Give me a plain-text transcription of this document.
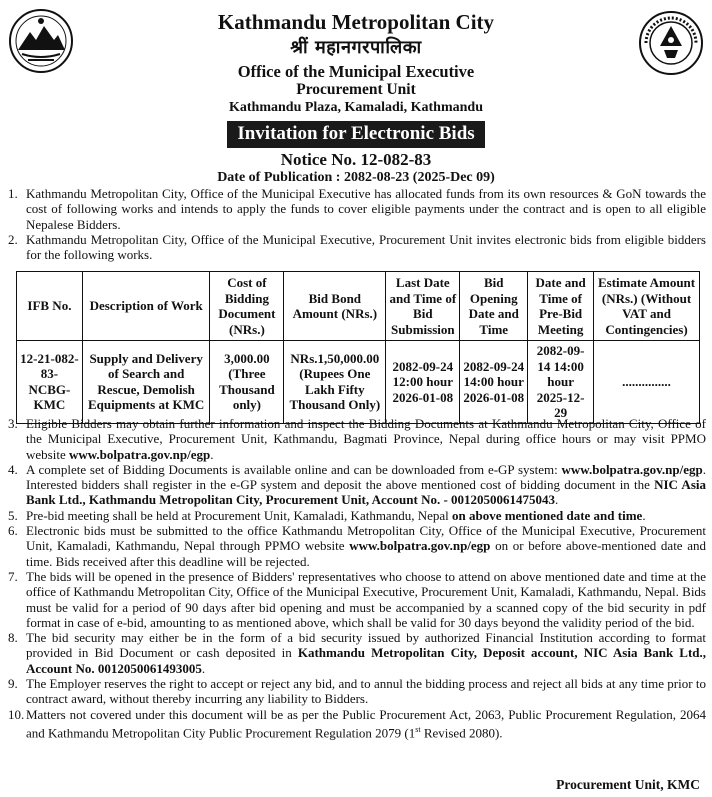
Kathmandu Metropolitan City
श्रीं महानगरपालिका
Office of the Municipal Executive
Procurement Unit
Kathmandu Plaza, Kamaladi, Kathmandu
Invitation for Electronic Bids
Notice No. 12-082-83
Date of Publication : 2082-08-23 (2025-Dec 09)

1. Kathmandu Metropolitan City, Office of the Municipal Executive has allocated funds from its own resources & GoN towards the cost of following works and intends to apply the funds to cover eligible payments under the contract and is open to all eligible Nepalese Bidders.

2. Kathmandu Metropolitan City, Office of the Municipal Executive, Procurement Unit invites electronic bids from eligible bidders for the following works.

IFB No.	Description of Work	Cost of Bidding Document (NRs.)	Bid Bond Amount (NRs.)	Last Date and Time of Bid Submission	Bid Opening Date and Time	Date and Time of Pre-Bid Meeting	Estimate Amount (NRs.) (Without VAT and Contingencies)
12-21-082-83-NCBG-KMC	Supply and Delivery of Search and Rescue, Demolish Equipments at KMC	3,000.00 (Three Thousand only)	NRs.1,50,000.00 (Rupees One Lakh Fifty Thousand Only)	2082-09-24 12:00 hour 2026-01-08	2082-09-24 14:00 hour 2026-01-08	2082-09-14 14:00 hour 2025-12-29	...............

3. Eligible Bidders may obtain further information and inspect the Bidding Documents at Kathmandu Metropolitan City, Office of the Municipal Executive, Procurement Unit, Kathmandu, Bagmati Province, Nepal during office hours or may visit PPMO website www.bolpatra.gov.np/egp.

4. A complete set of Bidding Documents is available online and can be downloaded from e-GP system: www.bolpatra.gov.np/egp. Interested bidders shall register in the e-GP system and deposit the above mentioned cost of bidding document in the NIC Asia Bank Ltd., Kathmandu Metropolitan City, Procurement Unit, Account No. - 0012050061475043.

5. Pre-bid meeting shall be held at Procurement Unit, Kamaladi, Kathmandu, Nepal on above mentioned date and time.

6. Electronic bids must be submitted to the office Kathmandu Metropolitan City, Office of the Municipal Executive, Procurement Unit, Kamaladi, Kathmandu, Nepal through PPMO website www.bolpatra.gov.np/egp on or before above-mentioned date and time. Bids received after this deadline will be rejected.

7. The bids will be opened in the presence of Bidders' representatives who choose to attend on above mentioned date and time at the office of Kathmandu Metropolitan City, Office of the Municipal Executive, Procurement Unit, Kamaladi, Kathmandu, Nepal. Bids must be valid for a period of 90 days after bid opening and must be accompanied by a scanned copy of the bid security in pdf format in case of e-bid, amounting to as mentioned above, which shall be valid for 30 days beyond the validity period of the bid.

8. The bid security may either be in the form of a bid security issued by authorized Financial Institution according to format provided in Bid Document or cash deposited in Kathmandu Metropolitan City, Deposit account, NIC Asia Bank Ltd., Account No. 0012050061493005.

9. The Employer reserves the right to accept or reject any bid, and to annul the bidding process and reject all bids at any time prior to contract award, without thereby incurring any liability to Bidders.

10. Matters not covered under this document will be as per the Public Procurement Act, 2063, Public Procurement Regulation, 2064 and Kathmandu Metropolitan City Public Procurement Regulation 2079 (1st Revised 2080).

Procurement Unit, KMC
